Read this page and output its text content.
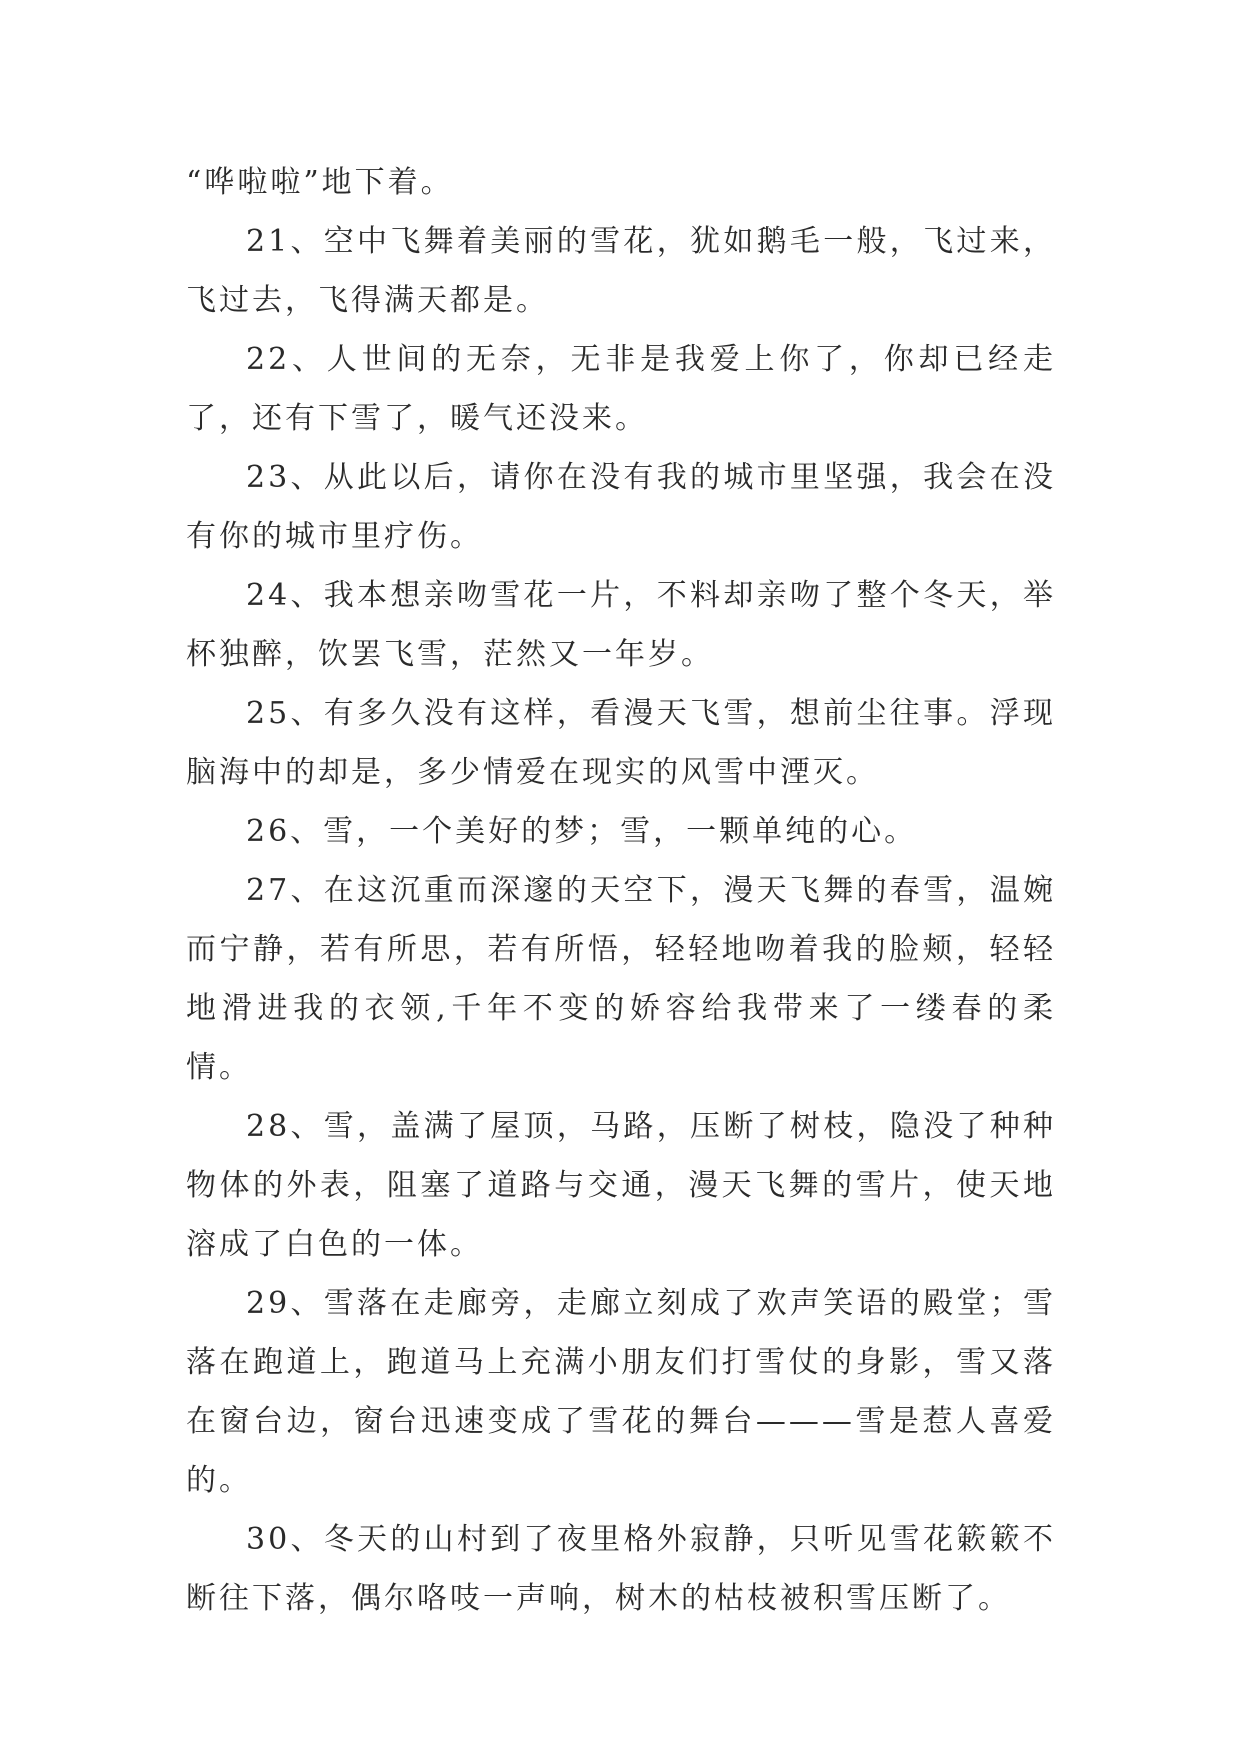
“哗啦啦”地下着。

21、空中飞舞着美丽的雪花，犹如鹅毛一般，飞过来，飞过去，飞得满天都是。

22、人世间的无奈，无非是我爱上你了，你却已经走了，还有下雪了，暖气还没来。

23、从此以后，请你在没有我的城市里坚强，我会在没有你的城市里疗伤。

24、我本想亲吻雪花一片，不料却亲吻了整个冬天，举杯独醉，饮罢飞雪，茫然又一年岁。

25、有多久没有这样，看漫天飞雪，想前尘往事。浮现脑海中的却是，多少情爱在现实的风雪中湮灭。

26、雪，一个美好的梦；雪，一颗单纯的心。

27、在这沉重而深邃的天空下，漫天飞舞的春雪，温婉而宁静，若有所思，若有所悟，轻轻地吻着我的脸颊，轻轻地滑进我的衣领,千年不变的娇容给我带来了一缕春的柔情。

28、雪，盖满了屋顶，马路，压断了树枝，隐没了种种物体的外表，阻塞了道路与交通，漫天飞舞的雪片，使天地溶成了白色的一体。

29、雪落在走廊旁，走廊立刻成了欢声笑语的殿堂；雪落在跑道上，跑道马上充满小朋友们打雪仗的身影，雪又落在窗台边，窗台迅速变成了雪花的舞台———雪是惹人喜爱的。

30、冬天的山村到了夜里格外寂静，只听见雪花簌簌不断往下落，偶尔咯吱一声响，树木的枯枝被积雪压断了。
